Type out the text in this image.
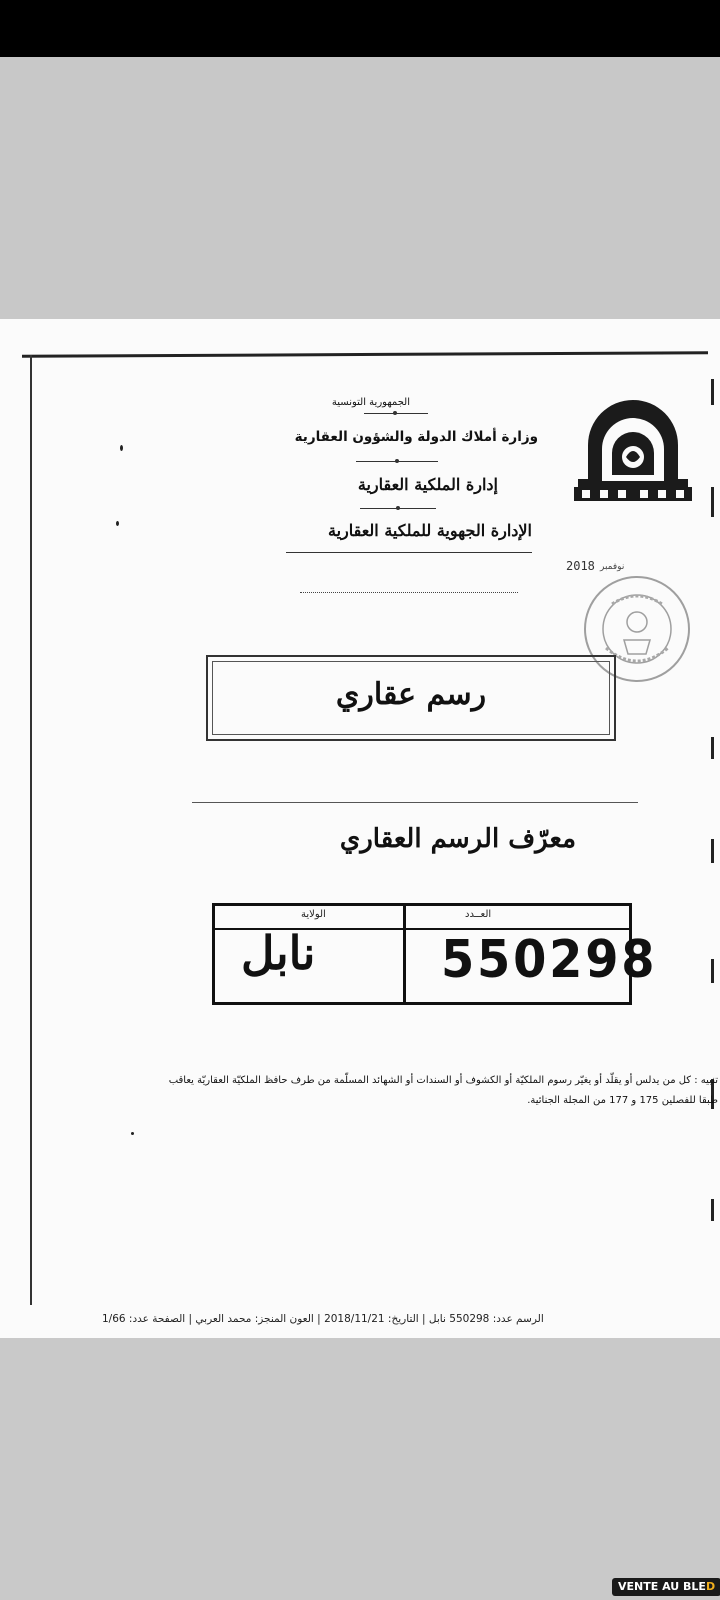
الجمهورية التونسية
وزارة أملاك الدولة والشؤون العقارية
إدارة الملكية العقارية
الإدارة الجهوية للملكية العقارية
2018 نوفمبر
رسم عقاري
معرّف الرسم العقاري
العــدد
الولاية
550298
نابل

تنبيه : كل من يدلس أو يقلّد أو يغيّر رسوم الملكيّة أو الكشوف أو السندات أو الشهائد المسلّمة من طرف حافظ الملكيّة العقاريّة يعاقب

طبقا للفصلين 175 و 177 من المجلة الجنائية.

الرسم عدد: 550298 نابل | التاريخ: 2018/11/21 | العون المنجز: محمد العربي | الصفحة عدد: 1/66
VENTE AU BLED
